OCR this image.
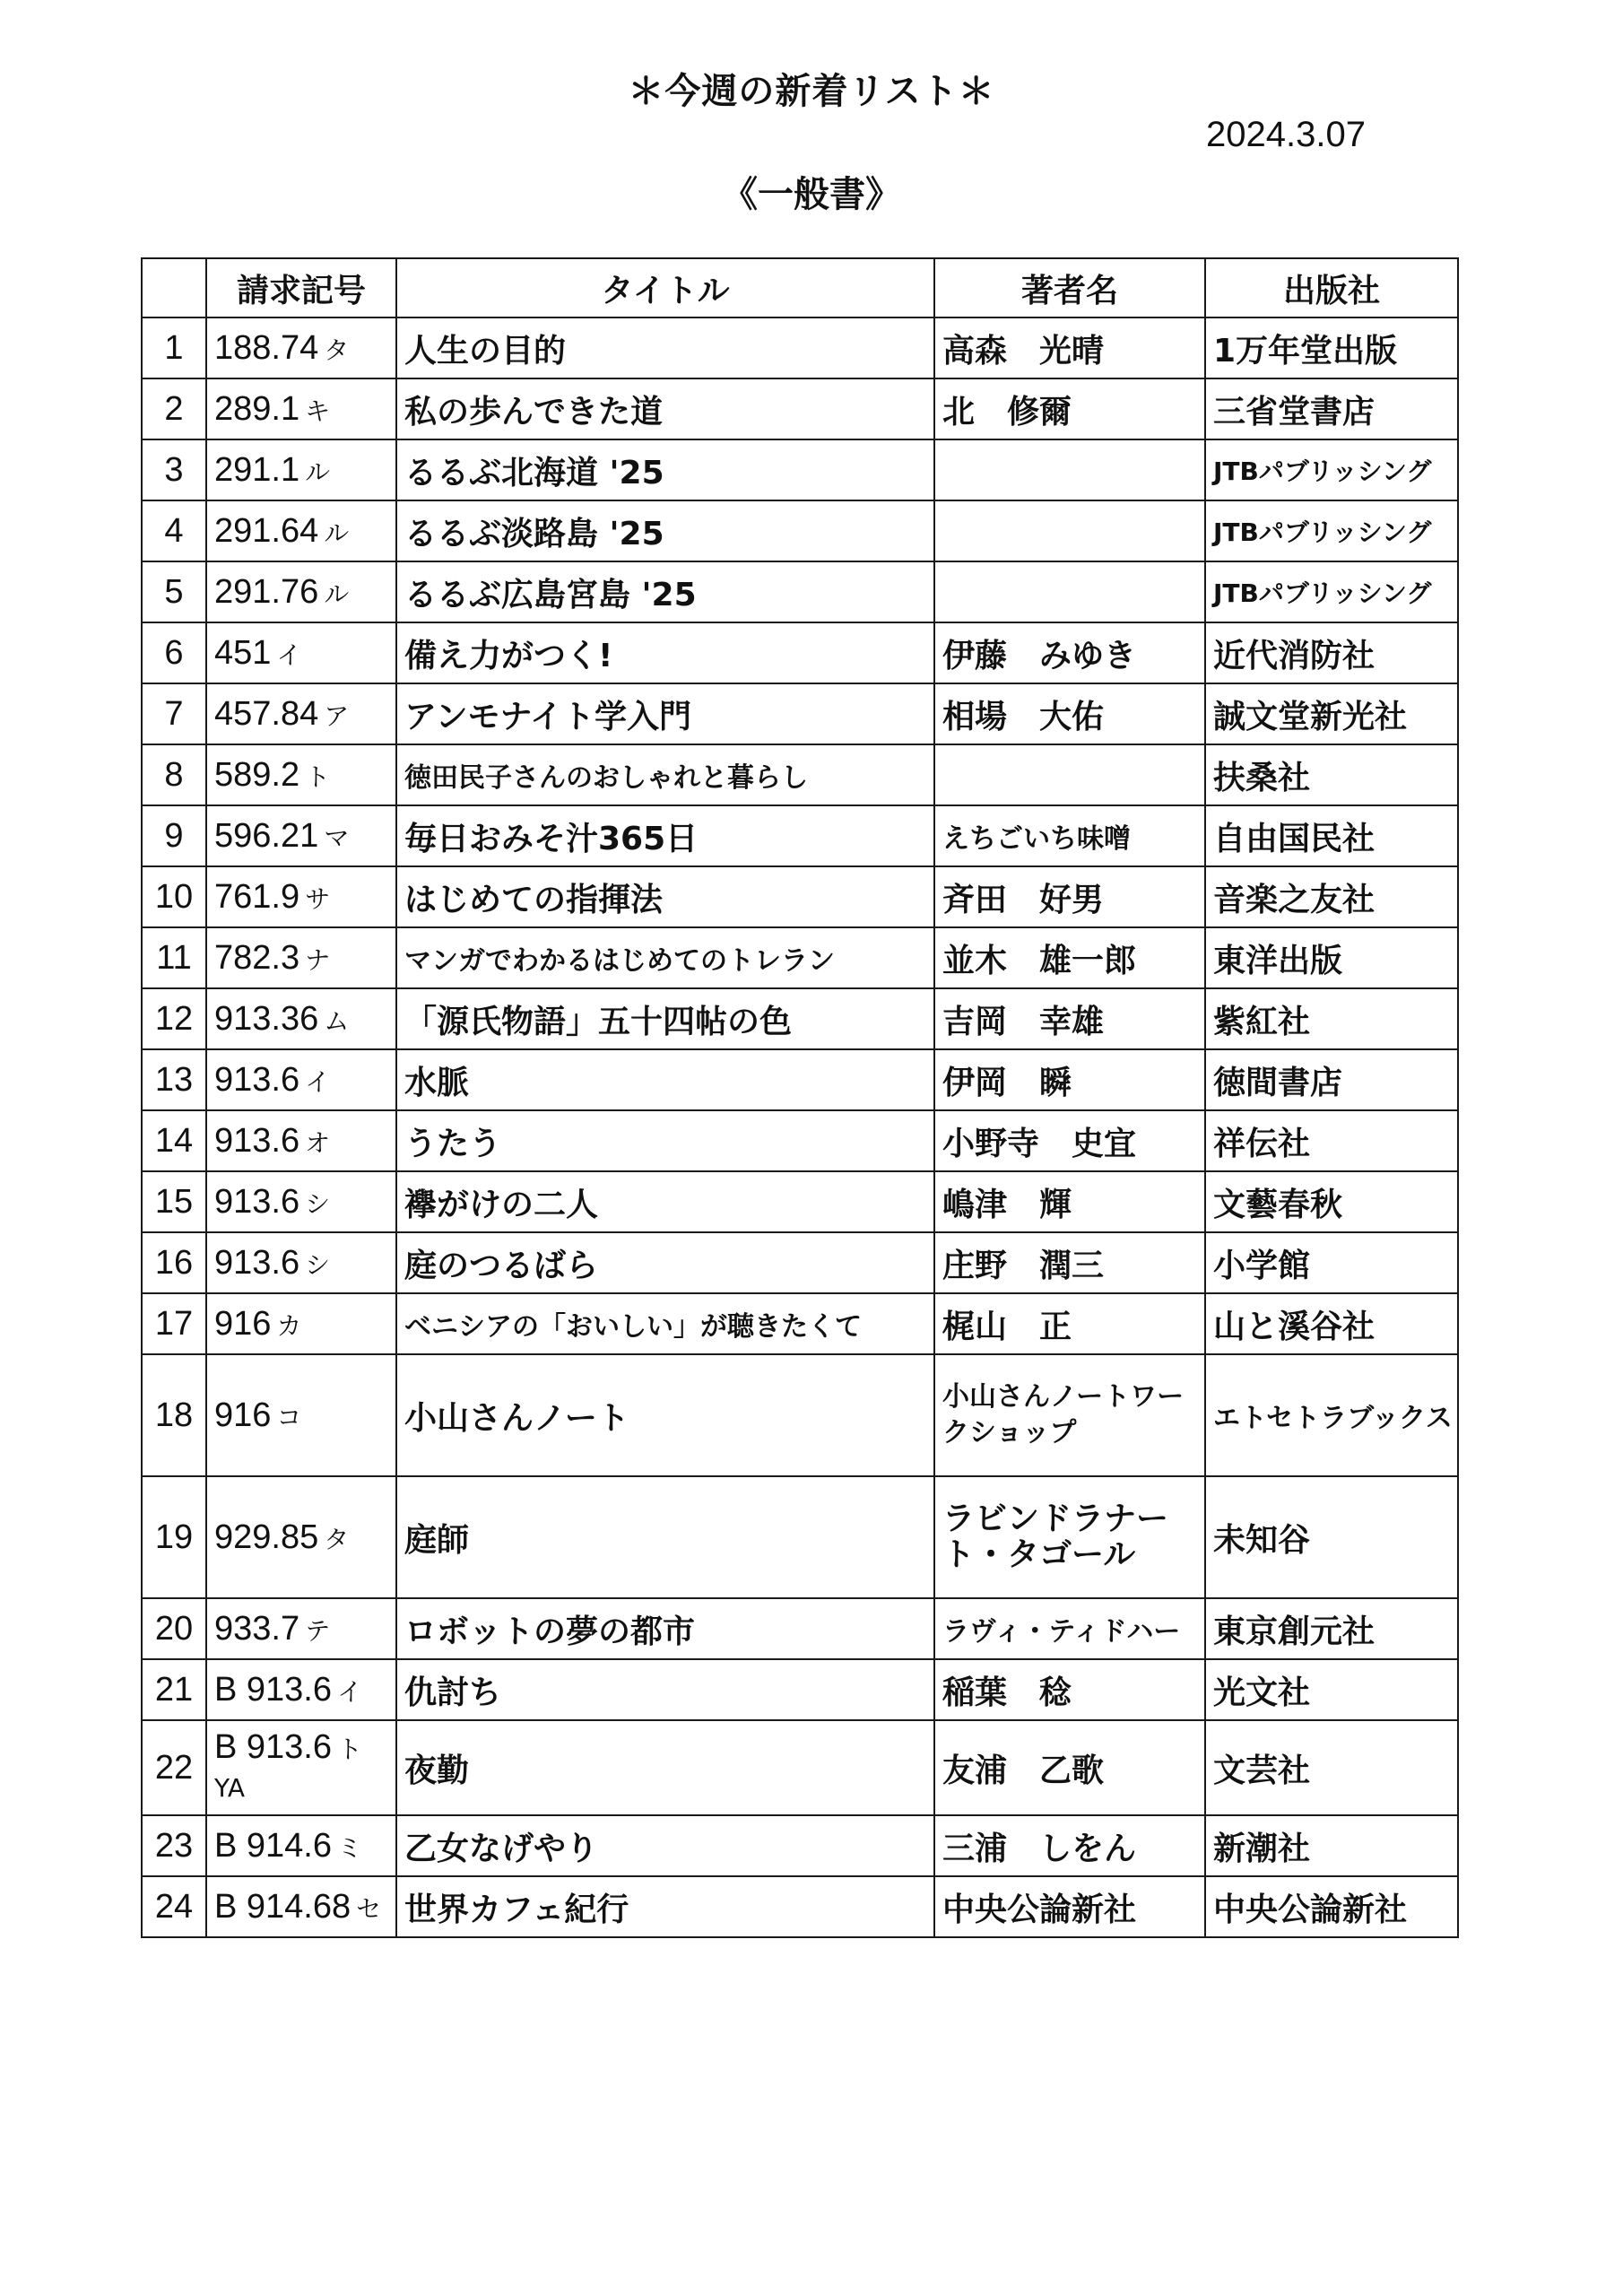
＊今週の新着リスト＊
2024.3.07
《一般書》
	請求記号	タイトル	著者名	出版社
1	188.74 タ	人生の目的	高森　光晴	1万年堂出版
2	289.1 キ	私の歩んできた道	北　修爾	三省堂書店
3	291.1 ル	るるぶ北海道 '25		JTBパブリッシング
4	291.64 ル	るるぶ淡路島 '25		JTBパブリッシング
5	291.76 ル	るるぶ広島宮島 '25		JTBパブリッシング
6	451 イ	備え力がつく!	伊藤　みゆき	近代消防社
7	457.84 ア	アンモナイト学入門	相場　大佑	誠文堂新光社
8	589.2 ト	徳田民子さんのおしゃれと暮らし		扶桑社
9	596.21 マ	毎日おみそ汁365日	えちごいち味噌	自由国民社
10	761.9 サ	はじめての指揮法	斉田　好男	音楽之友社
11	782.3 ナ	マンガでわかるはじめてのトレラン	並木　雄一郎	東洋出版
12	913.36 ム	「源氏物語」五十四帖の色	吉岡　幸雄	紫紅社
13	913.6 イ	水脈	伊岡　瞬	徳間書店
14	913.6 オ	うたう	小野寺　史宜	祥伝社
15	913.6 シ	襷がけの二人	嶋津　輝	文藝春秋
16	913.6 シ	庭のつるばら	庄野　潤三	小学館
17	916 カ	ベニシアの「おいしい」が聴きたくて	梶山　正	山と溪谷社
18	916 コ	小山さんノート	小山さんノートワークショップ	エトセトラブックス
19	929.85 タ	庭師	ラビンドラナート・タゴール	未知谷
20	933.7 テ	ロボットの夢の都市	ラヴィ・ティドハー	東京創元社
21	B 913.6 イ	仇討ち	稲葉　稔	光文社
22	B 913.6 ト YA	夜勤	友浦　乙歌	文芸社
23	B 914.6 ミ	乙女なげやり	三浦　しをん	新潮社
24	B 914.68 セ	世界カフェ紀行	中央公論新社	中央公論新社
